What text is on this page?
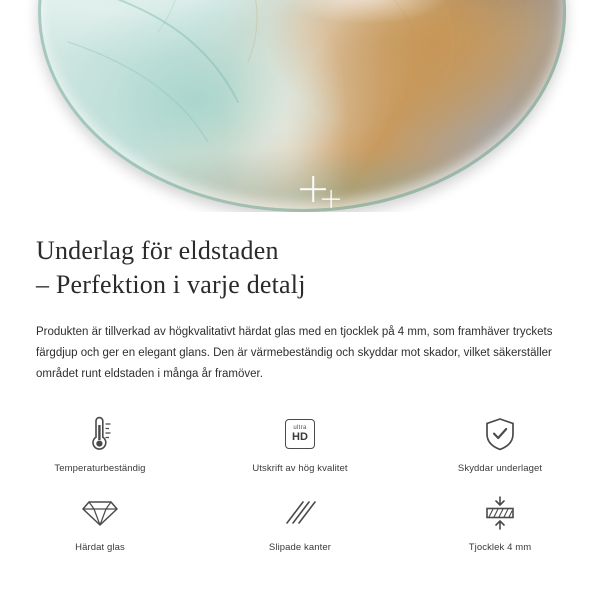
Underlag för eldstaden
– Perfektion i varje detalj

Produkten är tillverkad av högkvalitativt härdat glas med en tjocklek på 4 mm, som framhäver tryckets färgdjup och ger en elegant glans. Den är värmebeständig och skyddar mot skador, vilket säkerställer området runt eldstaden i många år framöver.

Temperaturbeständig
ultra
HD
Utskrift av hög kvalitet	Skyddar underlaget
Härdat glas	Slipade kanter	Tjocklek 4 mm
